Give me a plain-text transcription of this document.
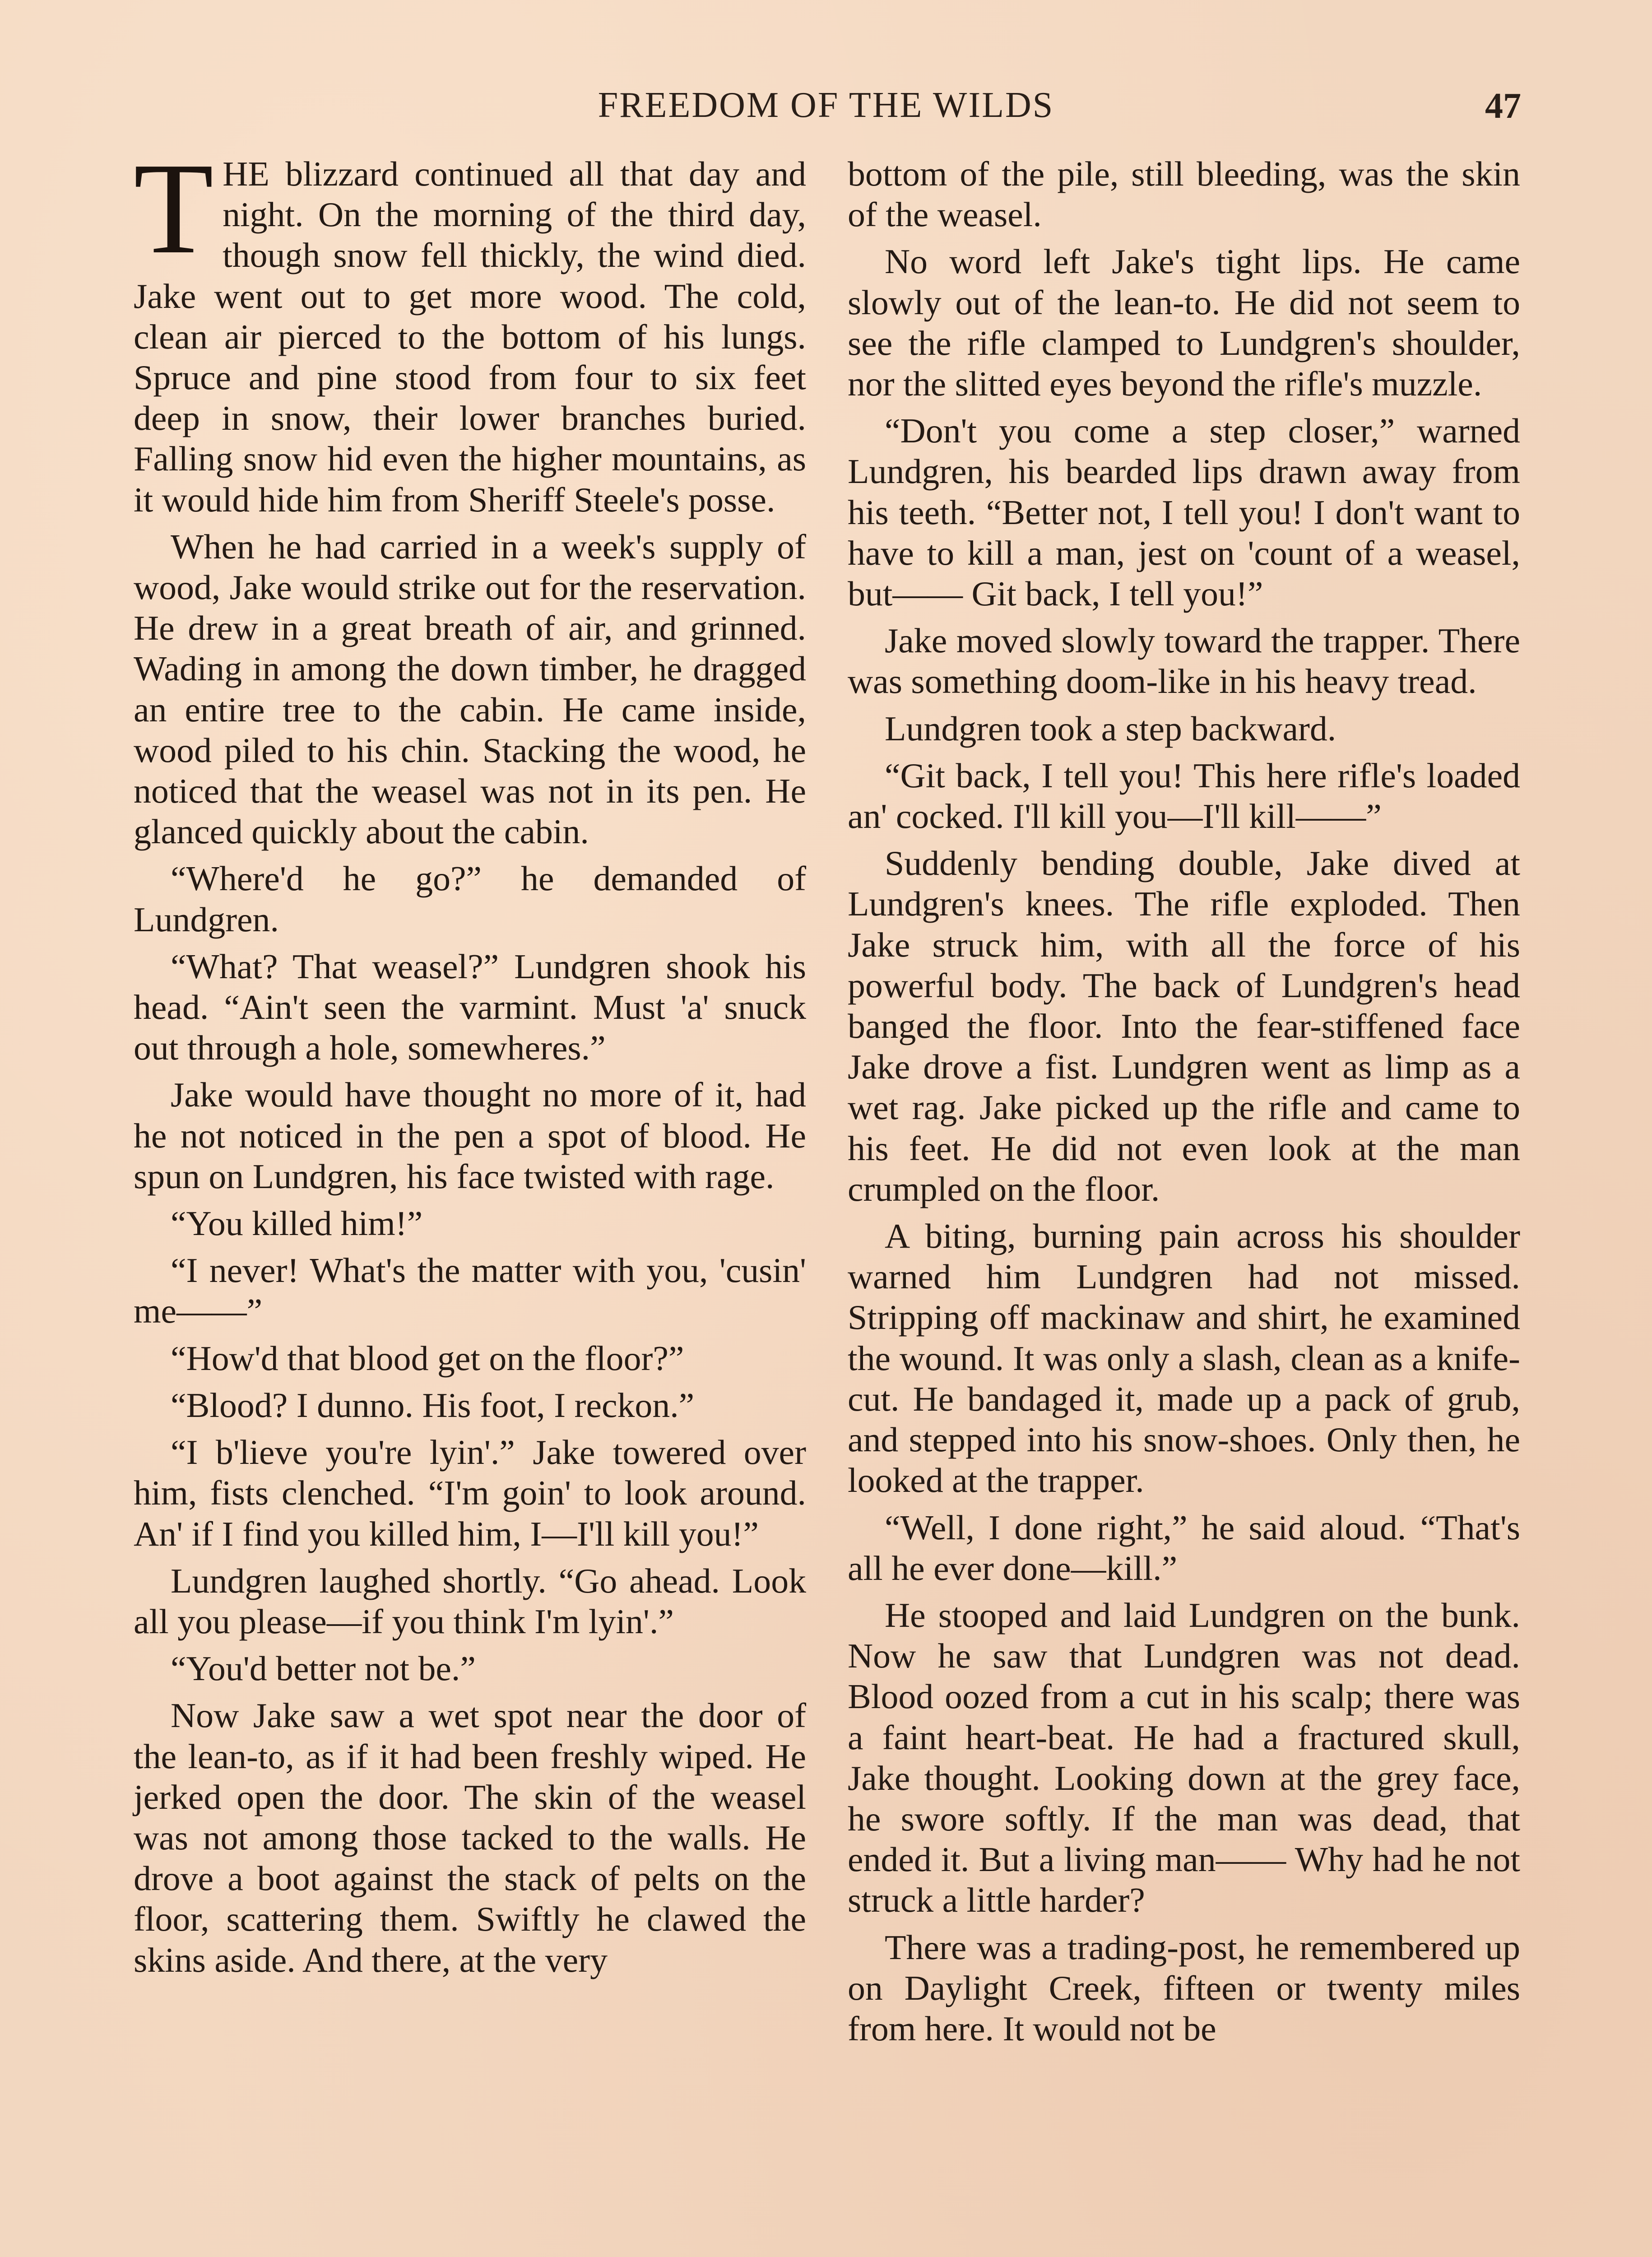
FREEDOM OF THE WILDS	47

THE blizzard continued all that day and night. On the morning of the third day, though snow fell thickly, the wind died. Jake went out to get more wood. The cold, clean air pierced to the bottom of his lungs. Spruce and pine stood from four to six feet deep in snow, their lower branches buried. Falling snow hid even the higher mountains, as it would hide him from Sheriff Steele's posse.

When he had carried in a week's supply of wood, Jake would strike out for the reservation. He drew in a great breath of air, and grinned. Wading in among the down timber, he dragged an entire tree to the cabin. He came inside, wood piled to his chin. Stacking the wood, he noticed that the weasel was not in its pen. He glanced quickly about the cabin.

“Where'd he go?” he demanded of Lundgren.

“What? That weasel?” Lundgren shook his head. “Ain't seen the varmint. Must 'a' snuck out through a hole, somewheres.”

Jake would have thought no more of it, had he not noticed in the pen a spot of blood. He spun on Lundgren, his face twisted with rage.

“You killed him!”

“I never! What's the matter with you, 'cusin' me——”

“How'd that blood get on the floor?”

“Blood? I dunno. His foot, I reckon.”

“I b'lieve you're lyin'.” Jake towered over him, fists clenched. “I'm goin' to look around. An' if I find you killed him, I—I'll kill you!”

Lundgren laughed shortly. “Go ahead. Look all you please—if you think I'm lyin'.”

“You'd better not be.”

Now Jake saw a wet spot near the door of the lean-to, as if it had been freshly wiped. He jerked open the door. The skin of the weasel was not among those tacked to the walls. He drove a boot against the stack of pelts on the floor, scattering them. Swiftly he clawed the skins aside. And there, at the very

bottom of the pile, still bleeding, was the skin of the weasel.

No word left Jake's tight lips. He came slowly out of the lean-to. He did not seem to see the rifle clamped to Lundgren's shoulder, nor the slitted eyes beyond the rifle's muzzle.

“Don't you come a step closer,” warned Lundgren, his bearded lips drawn away from his teeth. “Better not, I tell you! I don't want to have to kill a man, jest on 'count of a weasel, but—— Git back, I tell you!”

Jake moved slowly toward the trapper. There was something doom-like in his heavy tread.

Lundgren took a step backward.

“Git back, I tell you! This here rifle's loaded an' cocked. I'll kill you—I'll kill——”

Suddenly bending double, Jake dived at Lundgren's knees. The rifle exploded. Then Jake struck him, with all the force of his powerful body. The back of Lundgren's head banged the floor. Into the fear-stiffened face Jake drove a fist. Lundgren went as limp as a wet rag. Jake picked up the rifle and came to his feet. He did not even look at the man crumpled on the floor.

A biting, burning pain across his shoulder warned him Lundgren had not missed. Stripping off mackinaw and shirt, he examined the wound. It was only a slash, clean as a knife-cut. He bandaged it, made up a pack of grub, and stepped into his snow-shoes. Only then, he looked at the trapper.

“Well, I done right,” he said aloud. “That's all he ever done—kill.”

He stooped and laid Lundgren on the bunk. Now he saw that Lundgren was not dead. Blood oozed from a cut in his scalp; there was a faint heart-beat. He had a fractured skull, Jake thought. Looking down at the grey face, he swore softly. If the man was dead, that ended it. But a living man—— Why had he not struck a little harder?

There was a trading-post, he remembered up on Daylight Creek, fifteen or twenty miles from here. It would not be
